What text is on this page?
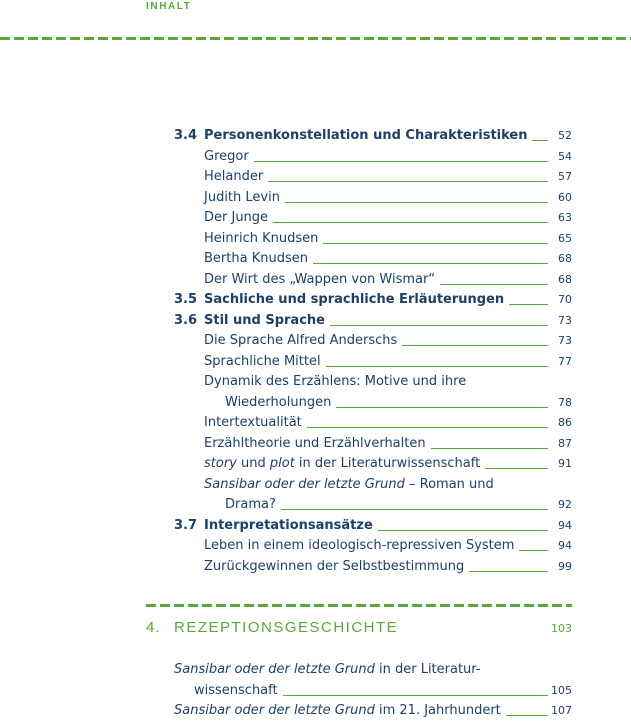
INHALT
3.4 Personenkonstellation und Charakteristiken	52
Gregor	54
Helander	57
Judith Levin	60
Der Junge	63
Heinrich Knudsen	65
Bertha Knudsen	68
Der Wirt des „Wappen von Wismar“	68
3.5 Sachliche und sprachliche Erläuterungen	70
3.6 Stil und Sprache	73
Die Sprache Alfred Anderschs	73
Sprachliche Mittel	77
Dynamik des Erzählens: Motive und ihre
Wiederholungen	78
Intertextualität	86
Erzähltheorie und Erzählverhalten	87
story und plot in der Literaturwissenschaft	91
Sansibar oder der letzte Grund – Roman und
Drama?	92
3.7 Interpretationsansätze	94
Leben in einem ideologisch-repressiven System	94
Zurückgewinnen der Selbstbestimmung	99
4. REZEPTIONSGESCHICHTE	103
Sansibar oder der letzte Grund in der Literatur-
wissenschaft	105
Sansibar oder der letzte Grund im 21. Jahrhundert	107
